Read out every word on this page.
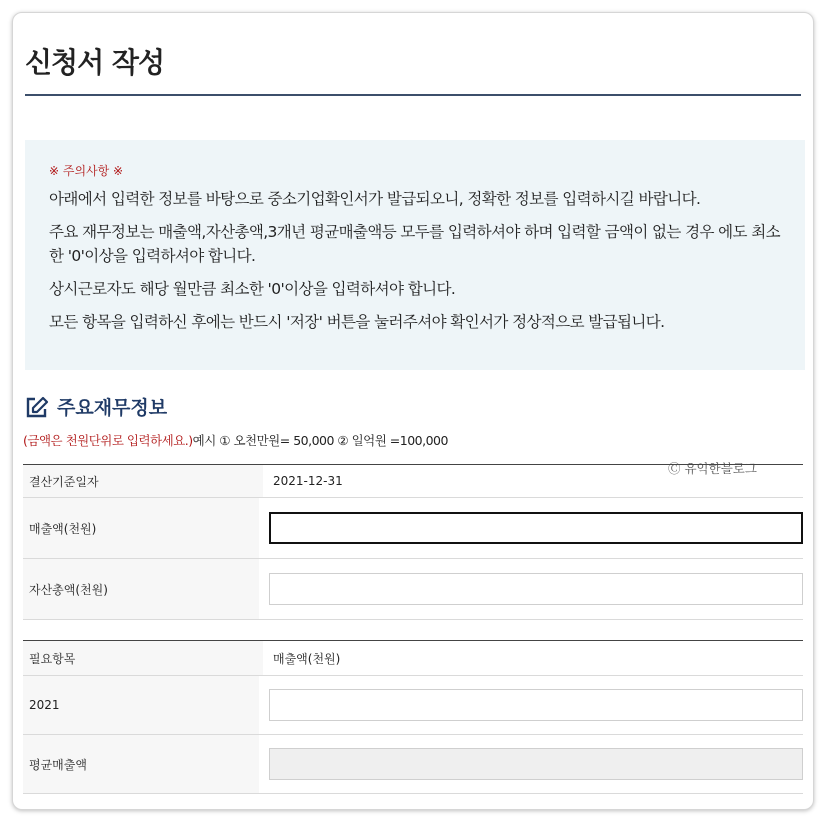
신청서 작성
※ 주의사항 ※

아래에서 입력한 정보를 바탕으로 중소기업확인서가 발급되오니, 정확한 정보를 입력하시길 바랍니다.

주요 재무정보는 매출액,자산총액,3개년 평균매출액등 모두를 입력하셔야 하며 입력할 금액이 없는 경우 에도 최소한 '0'이상을 입력하셔야 합니다.

상시근로자도 해당 월만큼 최소한 '0'이상을 입력하셔야 합니다.

모든 항목을 입력하신 후에는 반드시 '저장' 버튼을 눌러주셔야 확인서가 정상적으로 발급됩니다.

주요재무정보
(금액은 천원단위로 입력하세요.)예시 ① 오천만원= 50,000 ② 일억원 =100,000
Ⓒ 유익한블로그
결산기준일자	2021-12-31
매출액(천원)
자산총액(천원)
필요항목	매출액(천원)
2021
평균매출액
